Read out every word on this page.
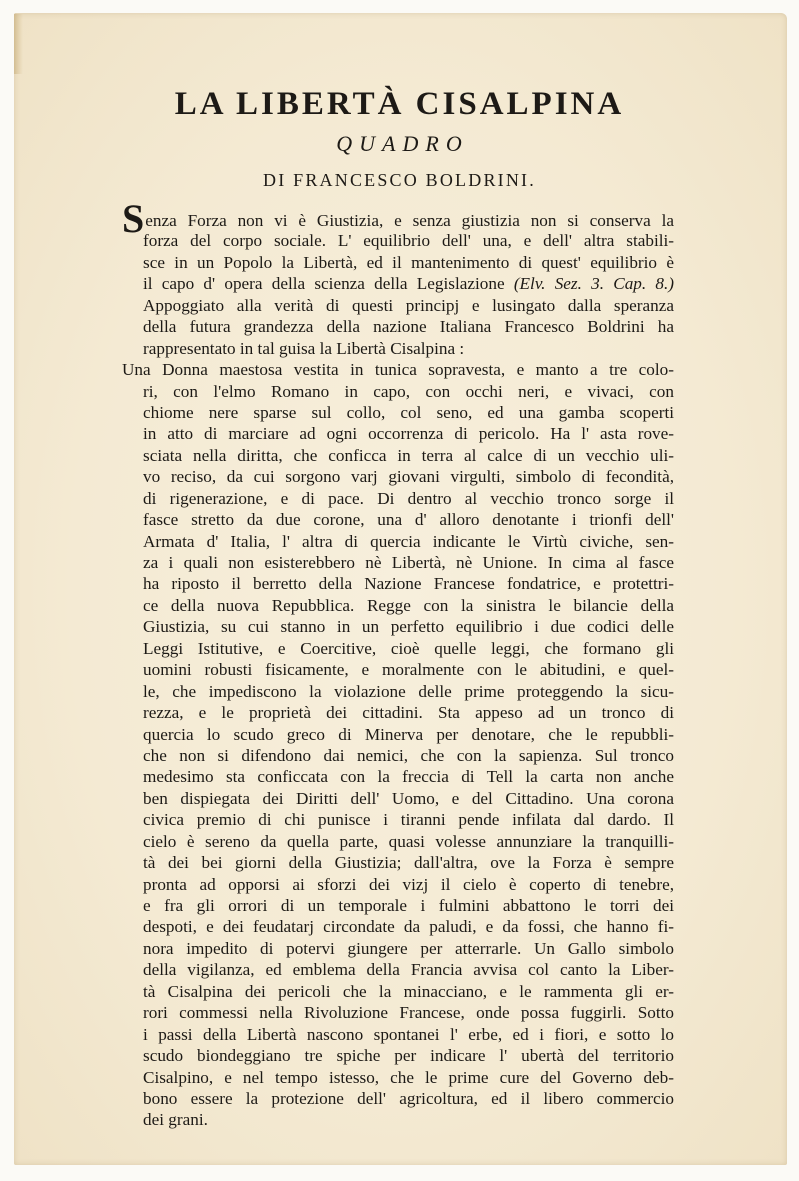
LA LIBERTÀ CISALPINA
QUADRO
DI FRANCESCO BOLDRINI.
Senza Forza non vi è Giustizia, e senza giustizia non si conserva la
forza del corpo sociale. L' equilibrio dell' una, e dell' altra stabili-
sce in un Popolo la Libertà, ed il mantenimento di quest' equilibrio è
il capo d' opera della scienza della Legislazione (Elv. Sez. 3. Cap. 8.)
Appoggiato alla verità di questi principj e lusingato dalla speranza
della futura grandezza della nazione Italiana Francesco Boldrini ha
rappresentato in tal guisa la Libertà Cisalpina :
Una Donna maestosa vestita in tunica sopravesta, e manto a tre colo-
ri, con l'elmo Romano in capo, con occhi neri, e vivaci, con
chiome nere sparse sul collo, col seno, ed una gamba scoperti
in atto di marciare ad ogni occorrenza di pericolo. Ha l' asta rove-
sciata nella diritta, che conficca in terra al calce di un vecchio uli-
vo reciso, da cui sorgono varj giovani virgulti, simbolo di fecondità,
di rigenerazione, e di pace. Di dentro al vecchio tronco sorge il
fasce stretto da due corone, una d' alloro denotante i trionfi dell'
Armata d' Italia, l' altra di quercia indicante le Virtù civiche, sen-
za i quali non esisterebbero nè Libertà, nè Unione. In cima al fasce
ha riposto il berretto della Nazione Francese fondatrice, e protettri-
ce della nuova Repubblica. Regge con la sinistra le bilancie della
Giustizia, su cui stanno in un perfetto equilibrio i due codici delle
Leggi Istitutive, e Coercitive, cioè quelle leggi, che formano gli
uomini robusti fisicamente, e moralmente con le abitudini, e quel-
le, che impediscono la violazione delle prime proteggendo la sicu-
rezza, e le proprietà dei cittadini. Sta appeso ad un tronco di
quercia lo scudo greco di Minerva per denotare, che le repubbli-
che non si difendono dai nemici, che con la sapienza. Sul tronco
medesimo sta conficcata con la freccia di Tell la carta non anche
ben dispiegata dei Diritti dell' Uomo, e del Cittadino. Una corona
civica premio di chi punisce i tiranni pende infilata dal dardo. Il
cielo è sereno da quella parte, quasi volesse annunziare la tranquilli-
tà dei bei giorni della Giustizia; dall'altra, ove la Forza è sempre
pronta ad opporsi ai sforzi dei vizj il cielo è coperto di tenebre,
e fra gli orrori di un temporale i fulmini abbattono le torri dei
despoti, e dei feudatarj circondate da paludi, e da fossi, che hanno fi-
nora impedito di potervi giungere per atterrarle. Un Gallo simbolo
della vigilanza, ed emblema della Francia avvisa col canto la Liber-
tà Cisalpina dei pericoli che la minacciano, e le rammenta gli er-
rori commessi nella Rivoluzione Francese, onde possa fuggirli. Sotto
i passi della Libertà nascono spontanei l' erbe, ed i fiori, e sotto lo
scudo biondeggiano tre spiche per indicare l' ubertà del territorio
Cisalpino, e nel tempo istesso, che le prime cure del Governo deb-
bono essere la protezione dell' agricoltura, ed il libero commercio
dei grani.
